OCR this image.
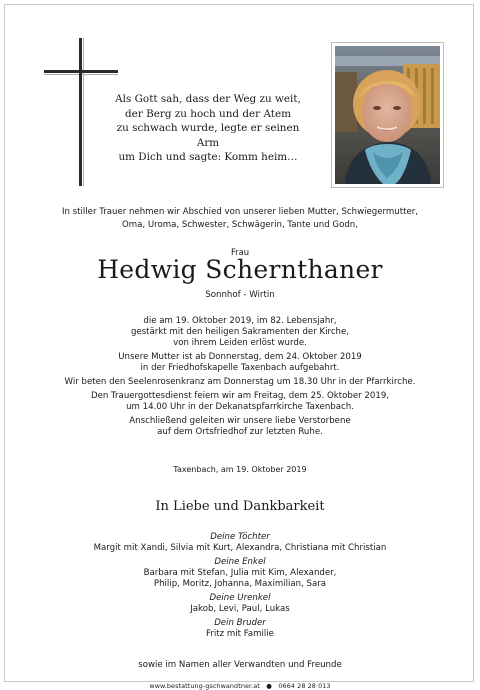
Als Gott sah, dass der Weg zu weit,
der Berg zu hoch und der Atem
zu schwach wurde, legte er seinen Arm
um Dich und sagte: Komm heim…
In stiller Trauer nehmen wir Abschied von unserer lieben Mutter, Schwiegermutter,
Oma, Uroma, Schwester, Schwägerin, Tante und Godn,
Frau
Hedwig Schernthaner
Sonnhof - Wirtin

die am 19. Oktober 2019, im 82. Lebensjahr,
gestärkt mit den heiligen Sakramenten der Kirche,
von ihrem Leiden erlöst wurde.

Unsere Mutter ist ab Donnerstag, dem 24. Oktober 2019
in der Friedhofskapelle Taxenbach aufgebahrt.

Wir beten den Seelenrosenkranz am Donnerstag um 18.30 Uhr in der Pfarrkirche.

Den Trauergottesdienst feiern wir am Freitag, dem 25. Oktober 2019,
um 14.00 Uhr in der Dekanatspfarrkirche Taxenbach.

Anschließend geleiten wir unsere liebe Verstorbene
auf dem Ortsfriedhof zur letzten Ruhe.

Taxenbach, am 19. Oktober 2019
In Liebe und Dankbarkeit
Deine Töchter
Margit mit Xandi, Silvia mit Kurt, Alexandra, Christiana mit Christian
Deine Enkel
Barbara mit Stefan, Julia mit Kim, Alexander,
Philip, Moritz, Johanna, Maximilian, Sara
Deine Urenkel
Jakob, Levi, Paul, Lukas
Dein Bruder
Fritz mit Familie
sowie im Namen aller Verwandten und Freunde
www.bestattung-gschwandtner.at   ●   0664 28 28 013
